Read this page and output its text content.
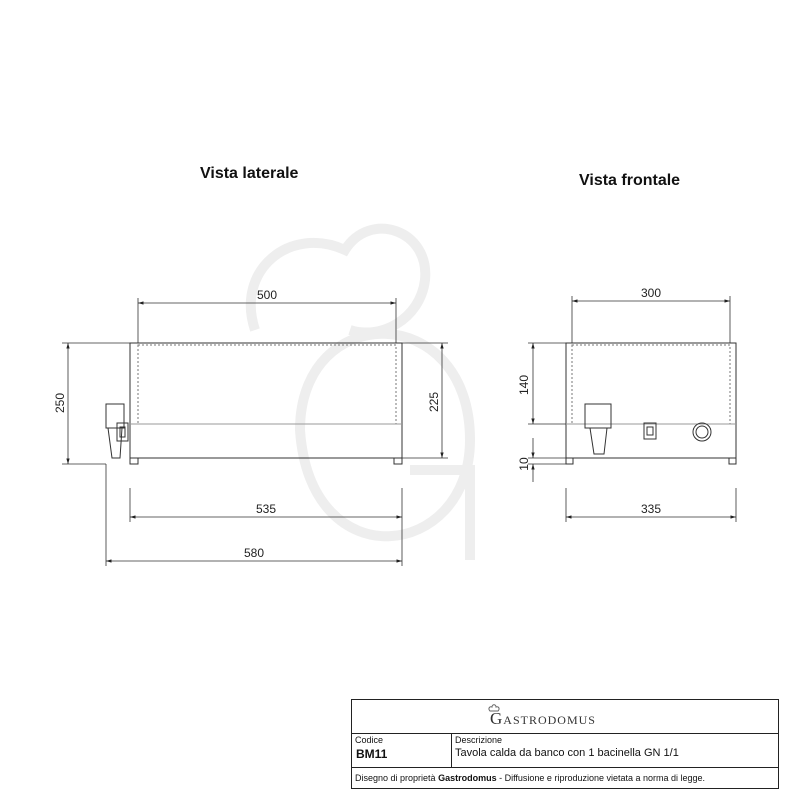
500
250	225
535
580
300
140
10
335
Vista laterale	Vista frontale
Gastrodomus
Codice
BM11
Descrizione
Tavola calda da banco con 1 bacinella GN 1/1
Disegno di proprietà Gastrodomus - Diffusione e riproduzione vietata a norma di legge.
